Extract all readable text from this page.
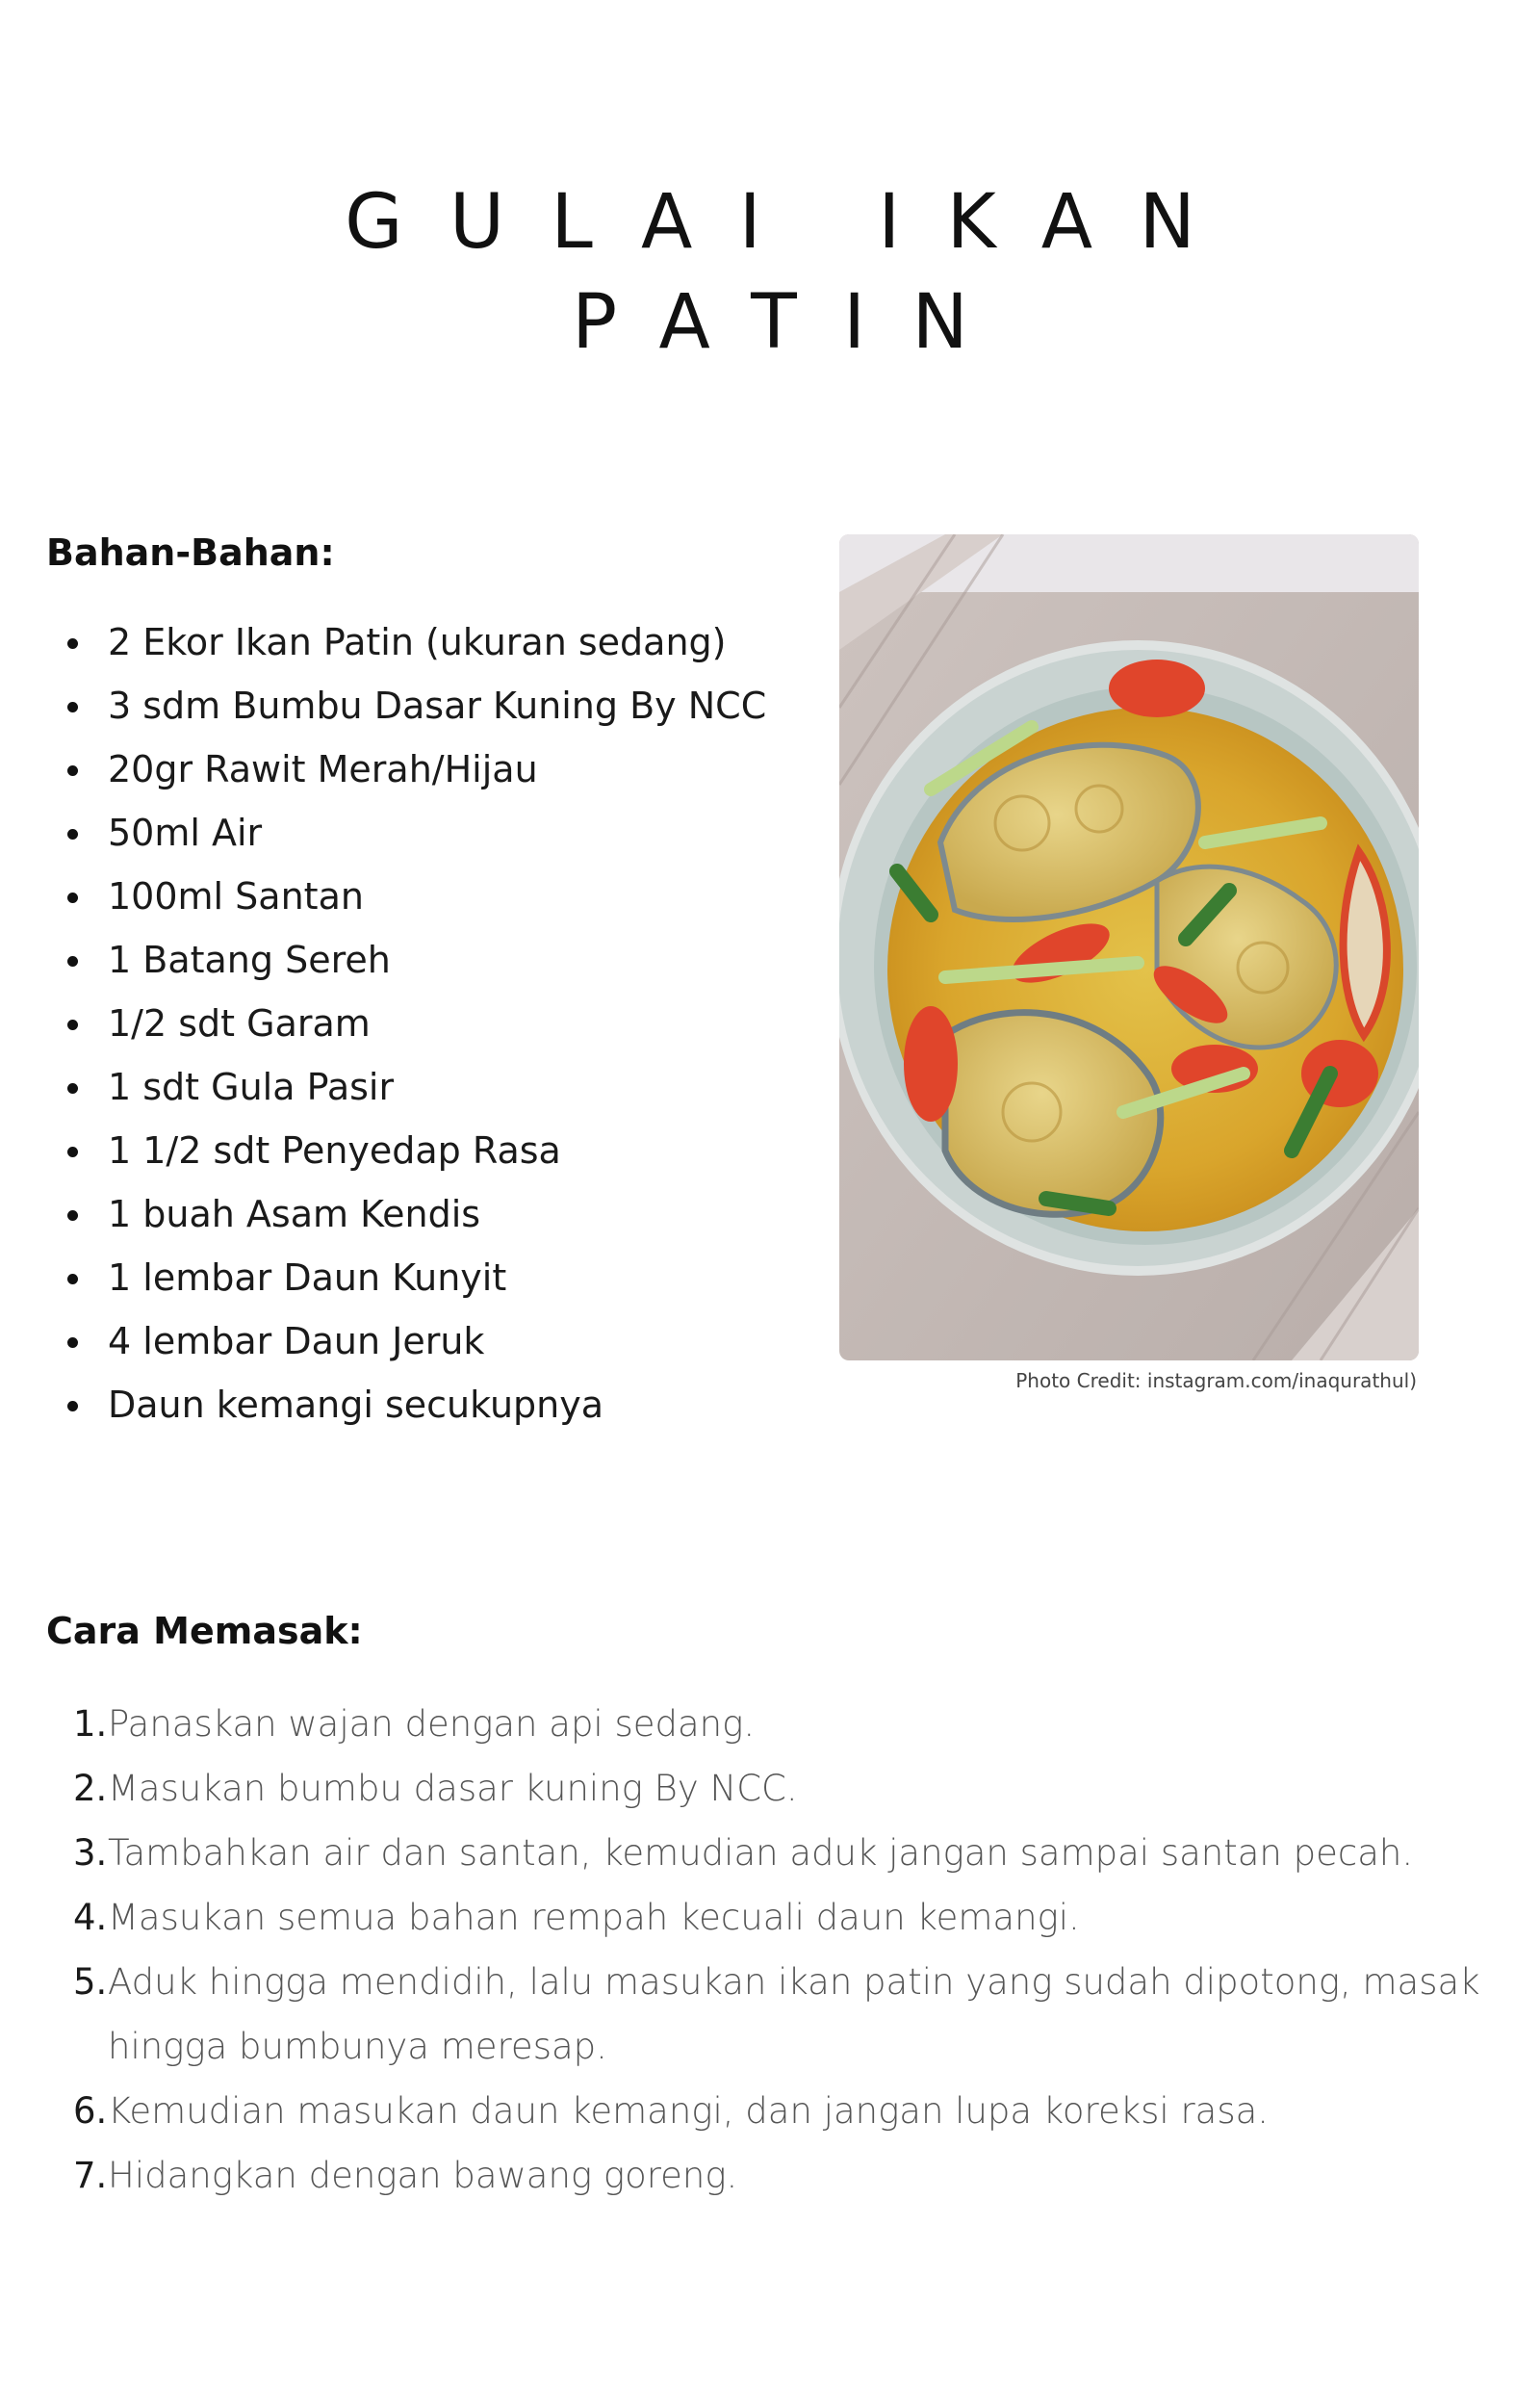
GULAI IKAN
PATIN
Bahan-Bahan:
2 Ekor Ikan Patin (ukuran sedang)
3 sdm Bumbu Dasar Kuning By NCC
20gr Rawit Merah/Hijau
50ml Air
100ml Santan
1 Batang Sereh
1/2 sdt Garam
1 sdt Gula Pasir
1 1/2 sdt Penyedap Rasa
1 buah Asam Kendis
1 lembar Daun Kunyit
4 lembar Daun Jeruk
Daun kemangi secukupnya

Photo Credit: instagram.com/inaqurathul)

Cara Memasak:
1. Panaskan wajan dengan api sedang.
2. Masukan bumbu dasar kuning By NCC.
3. Tambahkan air dan santan, kemudian aduk jangan sampai santan pecah.
4. Masukan semua bahan rempah kecuali daun kemangi.
5. Aduk hingga mendidih, lalu masukan ikan patin yang sudah dipotong, masak hingga bumbunya meresap.
6. Kemudian masukan daun kemangi, dan jangan lupa koreksi rasa.
7. Hidangkan dengan bawang goreng.
